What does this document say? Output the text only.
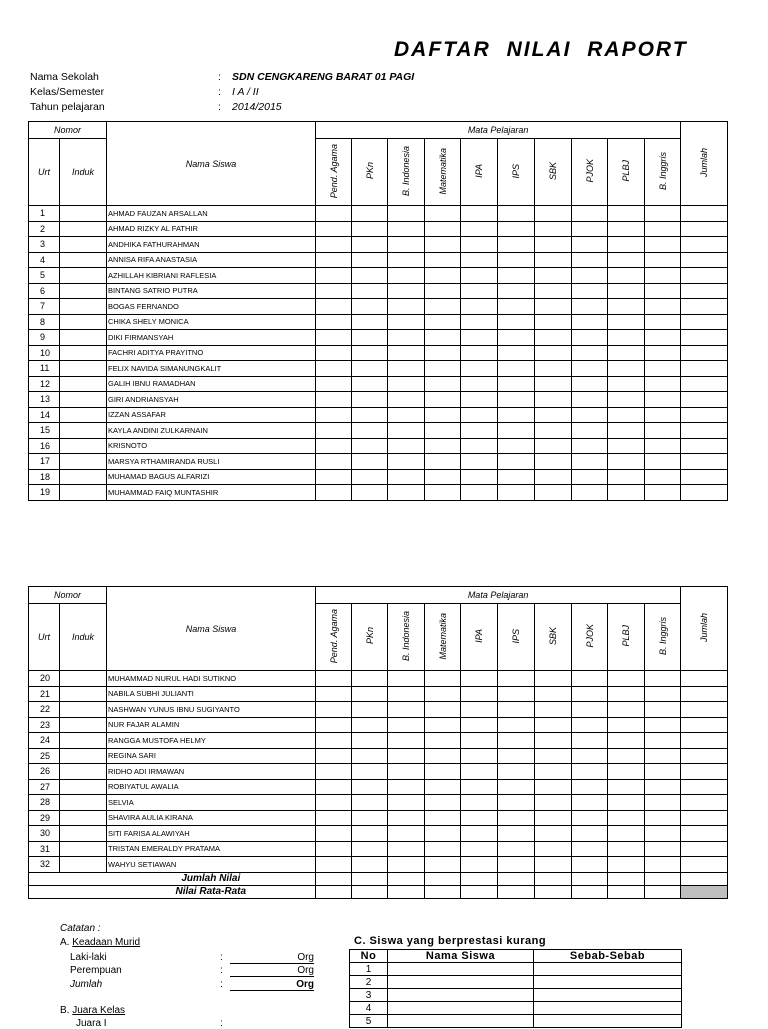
DAFTAR NILAI RAPORT
Nama Sekolah	: SDN CENGKARENG BARAT 01 PAGI
Kelas/Semester	: I A / II
Tahun pelajaran	: 2014/2015
Nomor		Nama Siswa	Mata Pelajaran										Jumlah
Urt	Induk		Pend. Agama	PKn	B. Indonesia	Matematika	IPA	IPS	SBK	PJOK	PLBJ	B. Inggris	
1		AHMAD FAUZAN ARSALLAN											
2		AHMAD RIZKY AL FATHIR											
3		ANDHIKA FATHURAHMAN											
4		ANNISA RIFA ANASTASIA											
5		AZHILLAH KIBRIANI RAFLESIA											
6		BINTANG SATRIO PUTRA											
7		BOGAS FERNANDO											
8		CHIKA SHELY MONICA											
9		DIKI FIRMANSYAH											
10		FACHRI ADITYA PRAYITNO											
11		FELIX NAVIDA SIMANUNGKALIT											
12		GALIH IBNU RAMADHAN											
13		GIRI ANDRIANSYAH											
14		IZZAN ASSAFAR											
15		KAYLA ANDINI ZULKARNAIN											
16		KRISNOTO											
17		MARSYA RTHAMIRANDA RUSLI											
18		MUHAMAD BAGUS ALFARIZI											
19		MUHAMMAD FAIQ MUNTASHIR											
Nomor		Nama Siswa	Mata Pelajaran										Jumlah
Urt	Induk		Pend. Agama	PKn	B. Indonesia	Matematika	IPA	IPS	SBK	PJOK	PLBJ	B. Inggris	
20		MUHAMMAD NURUL HADI SUTIKNO											
21		NABILA SUBHI JULIANTI											
22		NASHWAN YUNUS IBNU SUGIYANTO											
23		NUR FAJAR ALAMIN											
24		RANGGA MUSTOFA HELMY											
25		REGINA SARI											
26		RIDHO ADI IRMAWAN											
27		ROBIYATUL AWALIA											
28		SELVIA											
29		SHAVIRA AULIA KIRANA											
30		SITI FARISA ALAWIYAH											
31		TRISTAN EMERALDY PRATAMA											
32		WAHYU SETIAWAN											
		Jumlah Nilai											
		Nilai Rata-Rata											
Catatan :
A. Keadaan Murid
Laki-laki	:	Org
Perempuan	:	Org
Jumlah	:	Org
B. Juara Kelas
Juara I	:
C. Siswa yang berprestasi kurang
No	Nama Siswa	Sebab-Sebab
1		
2		
3		
4		
5		
